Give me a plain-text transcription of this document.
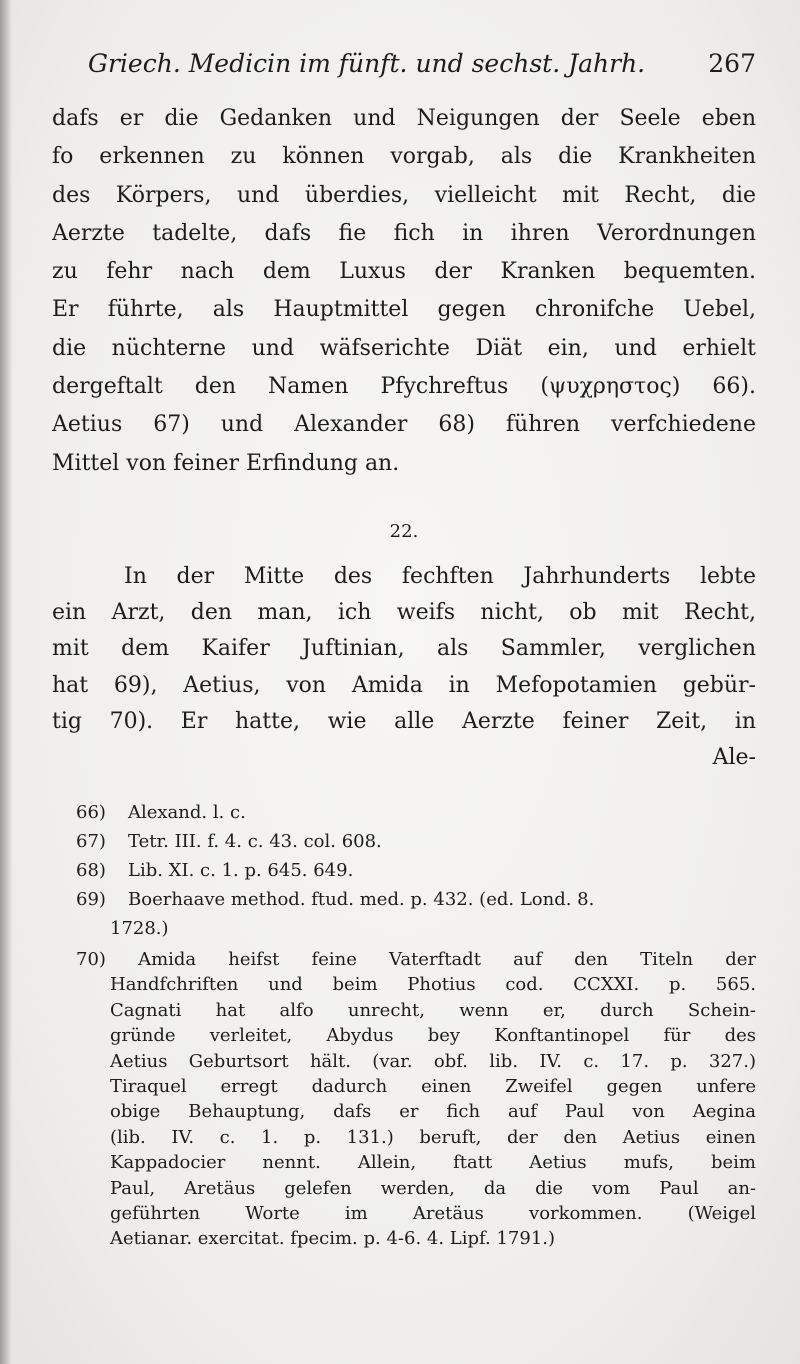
Griech. Medicin im fünft. und sechst. Jahrh.	267
dafs er die Gedanken und Neigungen der Seele eben
fo erkennen zu können vorgab, als die Krankheiten
des Körpers, und überdies, vielleicht mit Recht, die
Aerzte tadelte, dafs fie fich in ihren Verordnungen
zu fehr nach dem Luxus der Kranken bequemten.
Er führte, als Hauptmittel gegen chronifche Uebel,
die nüchterne und wäfserichte Diät ein, und erhielt
dergeftalt den Namen Pfychreftus (ψυχρηστος) 66).
Aetius 67) und Alexander 68) führen verfchiedene
Mittel von feiner Erfindung an.
22.
In der Mitte des fechften Jahrhunderts lebte
ein Arzt, den man, ich weifs nicht, ob mit Recht,
mit dem Kaifer Juftinian, als Sammler, verglichen
hat 69), Aetius, von Amida in Mefopotamien gebür-
tig 70). Er hatte, wie alle Aerzte feiner Zeit, in
Ale-
66) Alexand. l. c.
67) Tetr. III. f. 4. c. 43. col. 608.
68) Lib. XI. c. 1. p. 645. 649.
69) Boerhaave method. ftud. med. p. 432. (ed. Lond. 8.
1728.)
70) Amida heifst feine Vaterftadt auf den Titeln der
Handfchriften und beim Photius cod. CCXXI. p. 565.
Cagnati hat alfo unrecht, wenn er, durch Schein-
gründe verleitet, Abydus bey Konftantinopel für des
Aetius Geburtsort hält. (var. obf. lib. IV. c. 17. p. 327.)
Tiraquel erregt dadurch einen Zweifel gegen unfere
obige Behauptung, dafs er fich auf Paul von Aegina
(lib. IV. c. 1. p. 131.) beruft, der den Aetius einen
Kappadocier nennt. Allein, ftatt Aetius mufs, beim
Paul, Aretäus gelefen werden, da die vom Paul an-
geführten Worte im Aretäus vorkommen. (Weigel
Aetianar. exercitat. fpecim. p. 4-6. 4. Lipf. 1791.)
